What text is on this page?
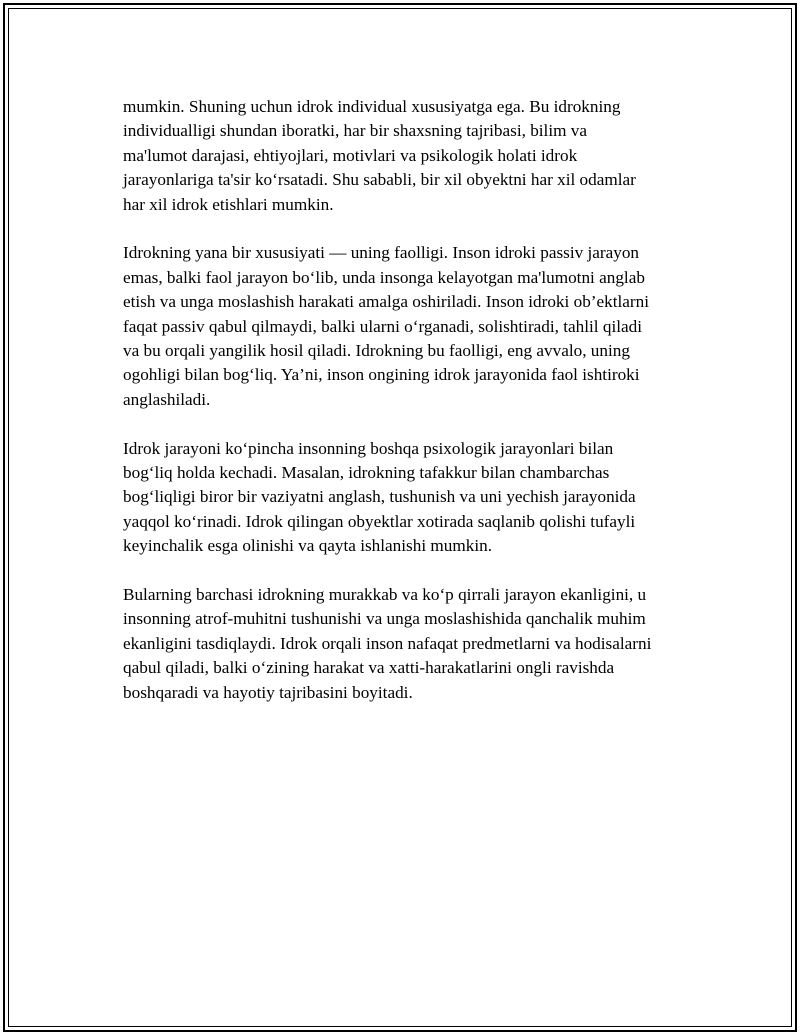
mumkin. Shuning uchun idrok individual xususiyatga ega. Bu idrokning
individualligi shundan iboratki, har bir shaxsning tajribasi, bilim va
ma'lumot darajasi, ehtiyojlari, motivlari va psikologik holati idrok
jarayonlariga ta'sir ko‘rsatadi. Shu sababli, bir xil obyektni har xil odamlar
har xil idrok etishlari mumkin.

Idrokning yana bir xususiyati — uning faolligi. Inson idroki passiv jarayon
emas, balki faol jarayon bo‘lib, unda insonga kelayotgan ma'lumotni anglab
etish va unga moslashish harakati amalga oshiriladi. Inson idroki ob’ektlarni
faqat passiv qabul qilmaydi, balki ularni o‘rganadi, solishtiradi, tahlil qiladi
va bu orqali yangilik hosil qiladi. Idrokning bu faolligi, eng avvalo, uning
ogohligi bilan bog‘liq. Ya’ni, inson ongining idrok jarayonida faol ishtiroki
anglashiladi.

Idrok jarayoni ko‘pincha insonning boshqa psixologik jarayonlari bilan
bog‘liq holda kechadi. Masalan, idrokning tafakkur bilan chambarchas
bog‘liqligi biror bir vaziyatni anglash, tushunish va uni yechish jarayonida
yaqqol ko‘rinadi. Idrok qilingan obyektlar xotirada saqlanib qolishi tufayli
keyinchalik esga olinishi va qayta ishlanishi mumkin.

Bularning barchasi idrokning murakkab va ko‘p qirrali jarayon ekanligini, u
insonning atrof-muhitni tushunishi va unga moslashishida qanchalik muhim
ekanligini tasdiqlaydi. Idrok orqali inson nafaqat predmetlarni va hodisalarni
qabul qiladi, balki o‘zining harakat va xatti-harakatlarini ongli ravishda
boshqaradi va hayotiy tajribasini boyitadi.
